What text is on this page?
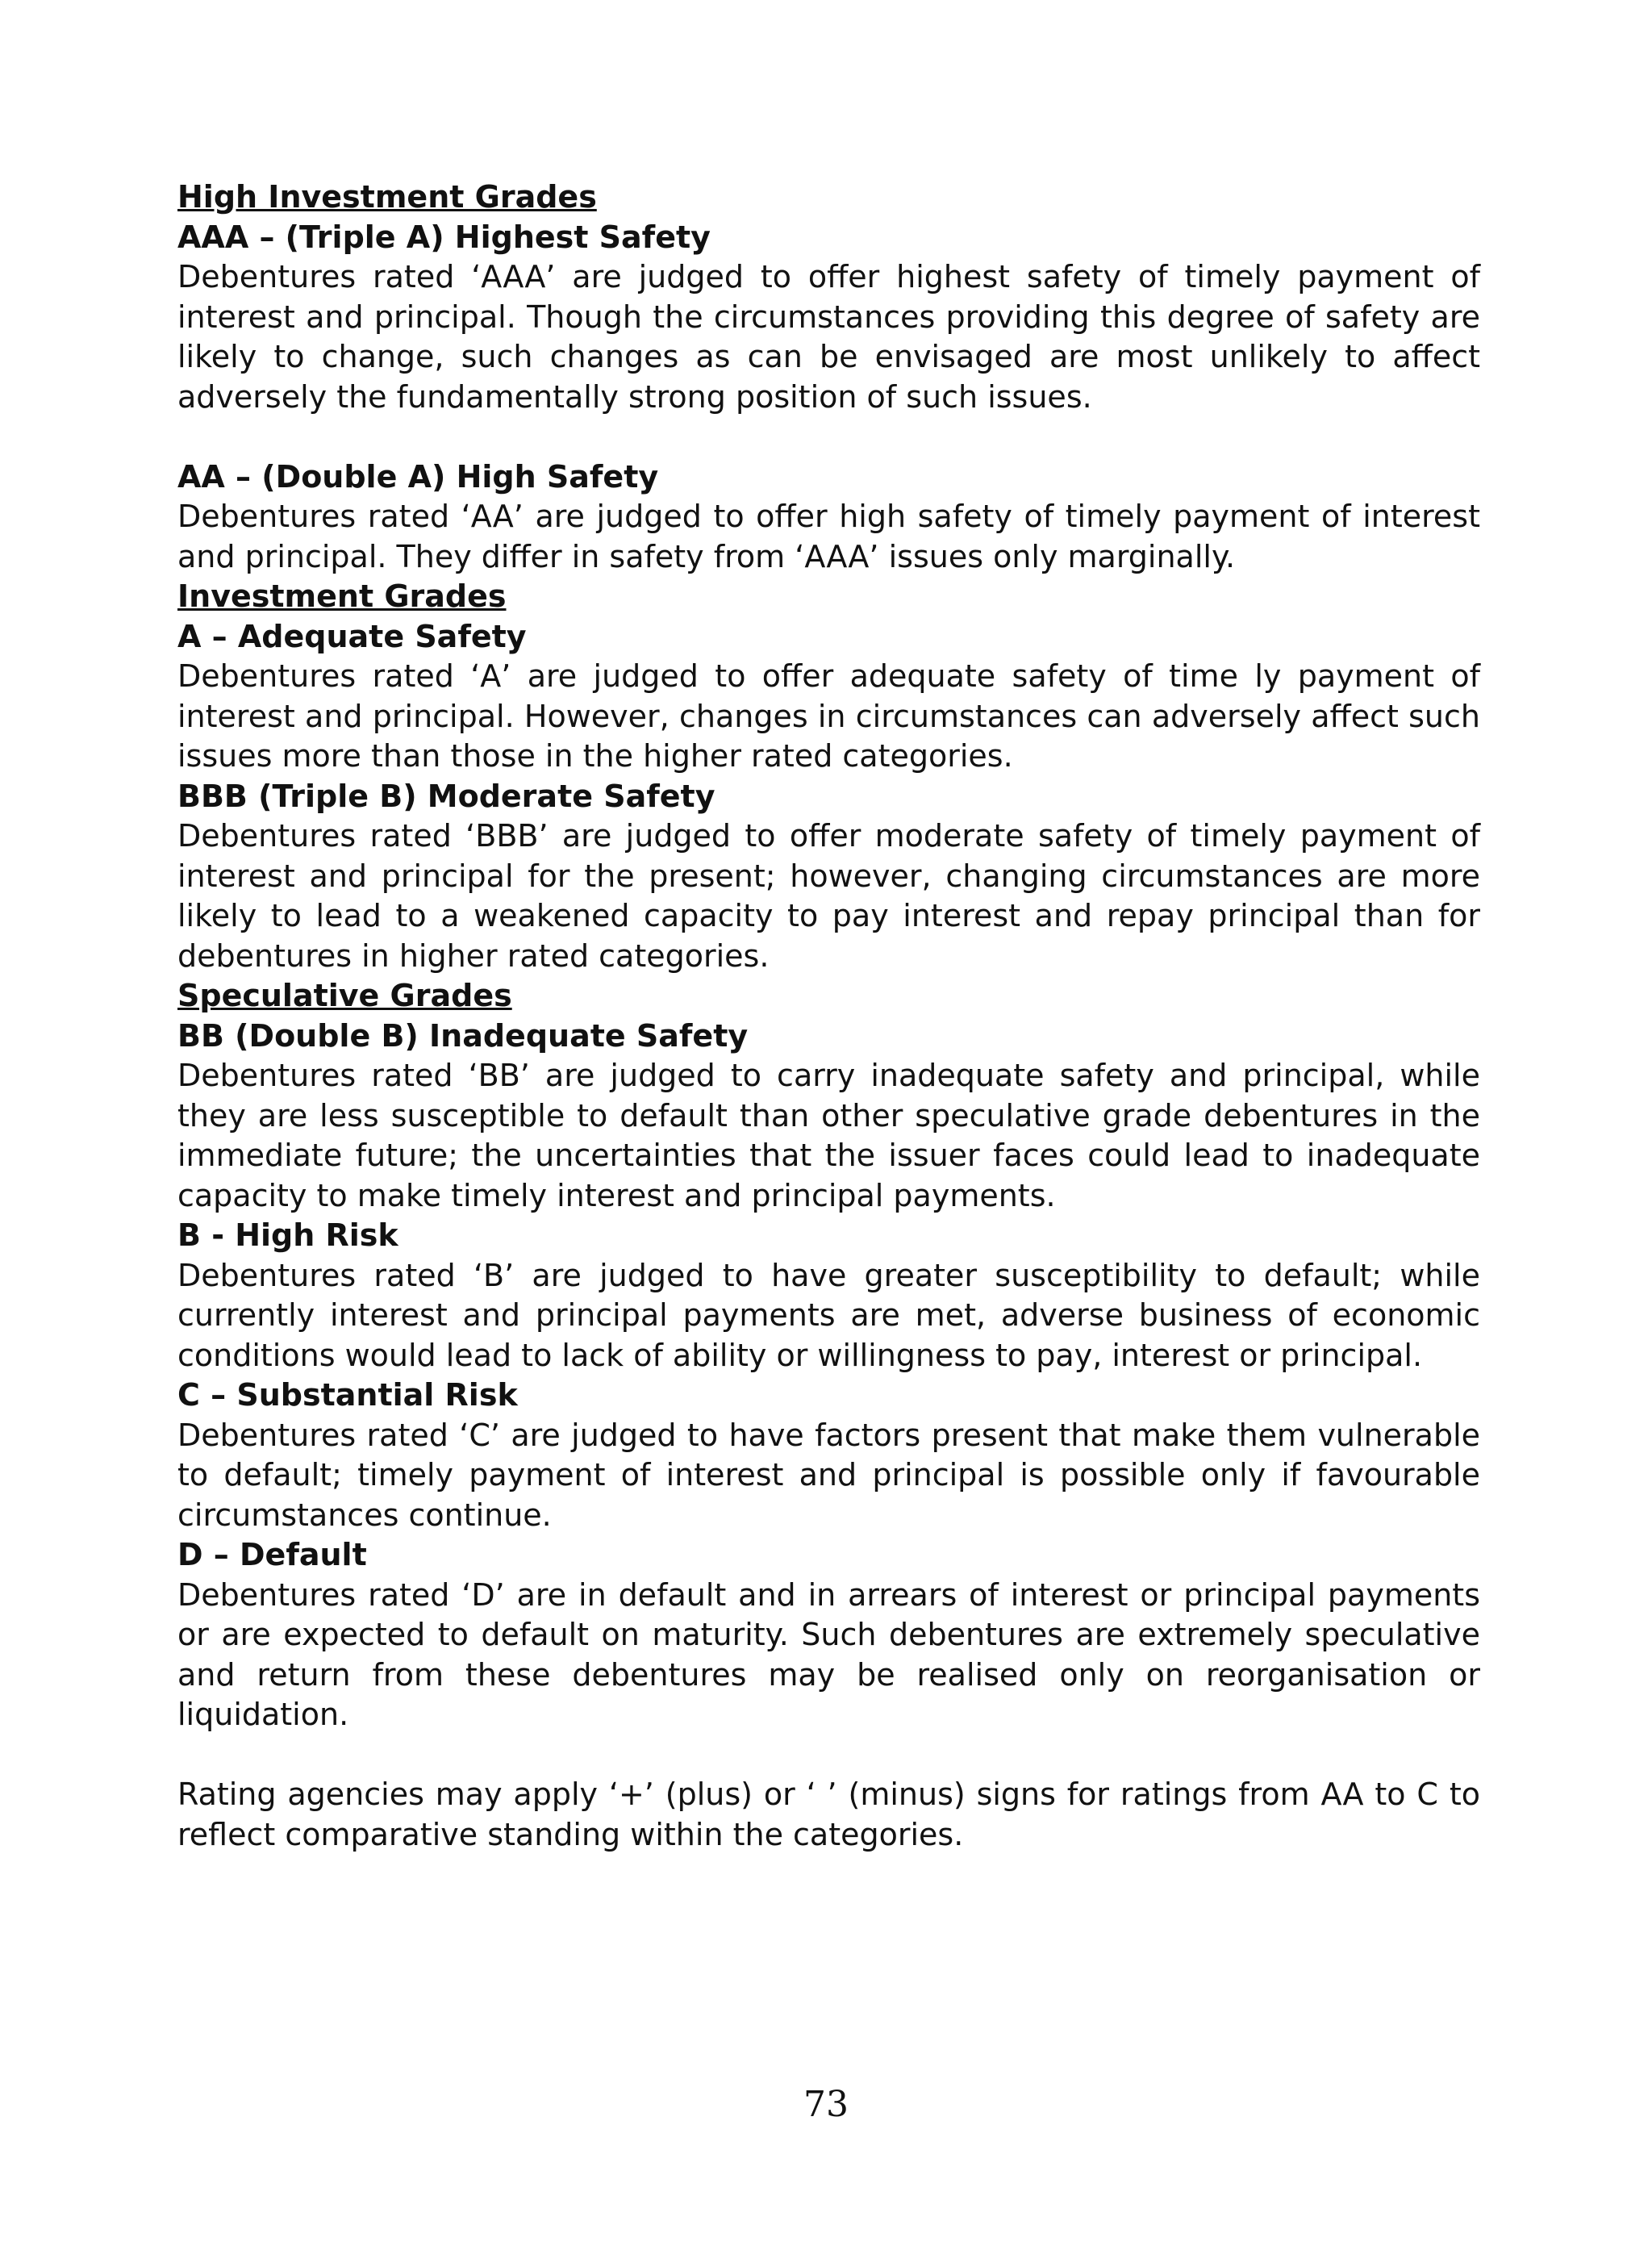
High Investment Grades

AAA – (Triple A) Highest Safety

Debentures rated ‘AAA’ are judged to offer highest safety of timely payment of interest and principal. Though the circumstances providing this degree of safety are likely to change, such changes as can be envisaged are most unlikely to affect adversely the fundamentally strong position of such issues.

AA – (Double A) High Safety

Debentures rated ‘AA’ are judged to offer high safety of timely payment of interest and principal. They differ in safety from ‘AAA’ issues only marginally.

Investment Grades

A – Adequate Safety

Debentures rated ‘A’ are judged to offer adequate safety of time ly payment of interest and principal. However, changes in circumstances can adversely affect such issues more than those in the higher rated categories.

BBB (Triple B) Moderate Safety

Debentures rated ‘BBB’ are judged to offer moderate safety of timely payment of interest and principal for the present; however, changing circumstances are more likely to lead to a weakened capacity to pay interest and repay principal than for debentures in higher rated categories.

Speculative Grades

BB (Double B) Inadequate Safety

Debentures rated ‘BB’ are judged to carry inadequate safety and principal, while they are less susceptible to default than other speculative grade debentures in the immediate future; the uncertainties that the issuer faces could lead to inadequate capacity to make timely interest and principal payments.

B - High Risk

Debentures rated ‘B’ are judged to have greater susceptibility to default; while currently interest and principal payments are met, adverse business of economic conditions would lead to lack of ability or willingness to pay, interest or principal.

C – Substantial Risk

Debentures rated ‘C’ are judged to have factors present that make them vulnerable to default; timely payment of interest and principal is possible only if favourable circumstances continue.

D – Default

Debentures rated ‘D’ are in default and in arrears of interest or principal payments or are expected to default on maturity. Such debentures are extremely speculative and return from these debentures may be realised only on reorganisation or liquidation.

Rating agencies may apply ‘+’ (plus) or ‘ ’ (minus) signs for ratings from AA to C to reflect comparative standing within the categories.

73
